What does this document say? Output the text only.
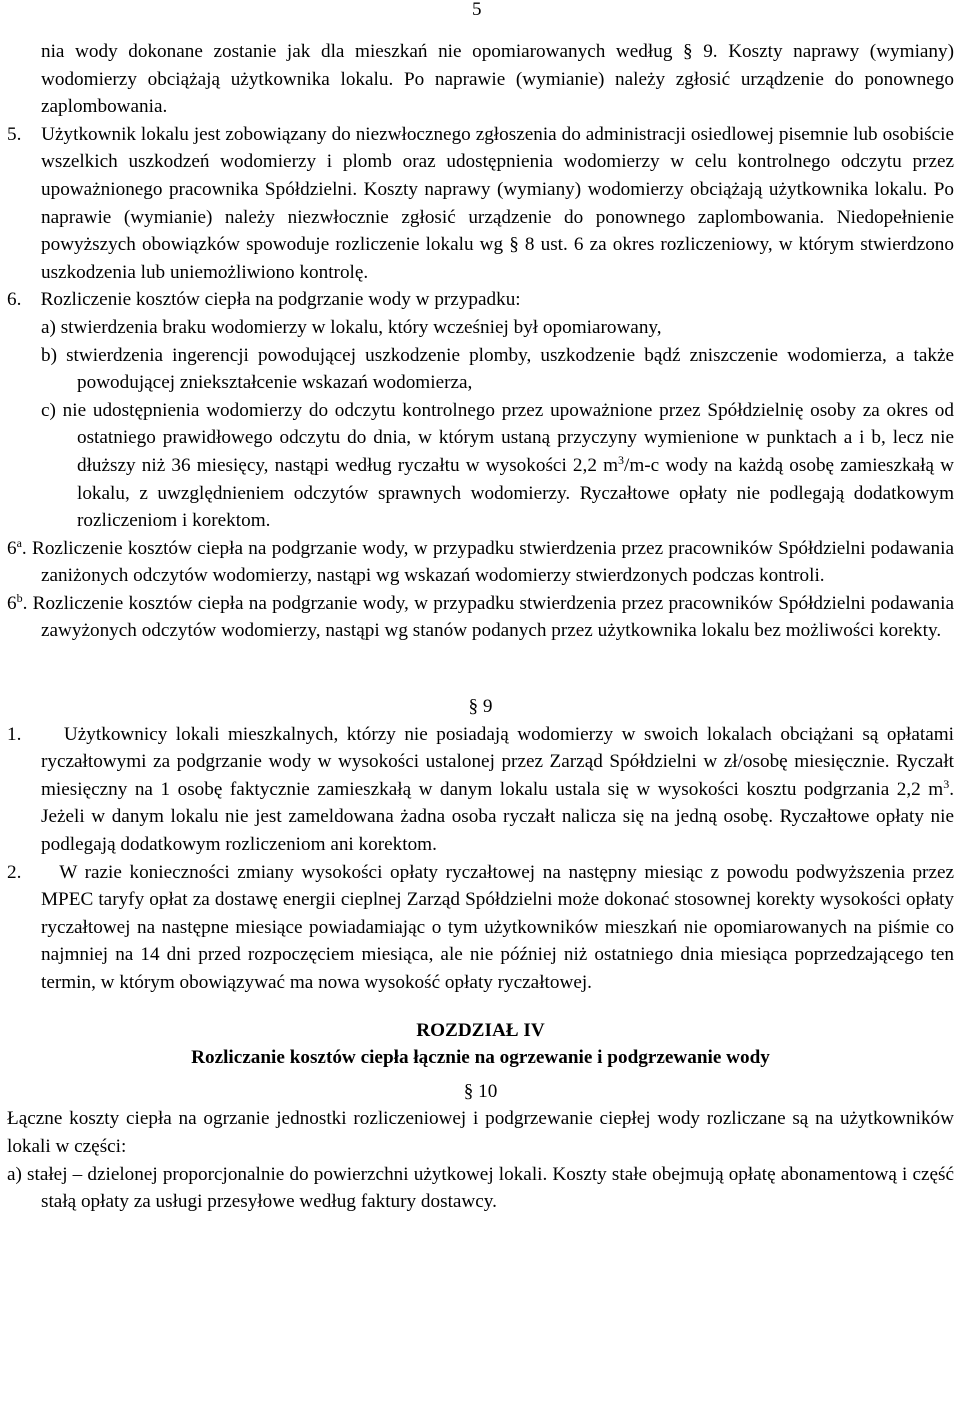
5

nia wody dokonane zostanie jak dla mieszkań nie opomiarowanych według § 9. Koszty naprawy (wymiany) wodomierzy obciążają użytkownika lokalu. Po naprawie (wymianie) należy zgłosić urządzenie do ponownego zaplombowania.

5. Użytkownik lokalu jest zobowiązany do niezwłocznego zgłoszenia do administracji osiedlowej pisemnie lub osobiście wszelkich uszkodzeń wodomierzy i plomb oraz udostępnienia wodomierzy w celu kontrolnego odczytu przez upoważnionego pracownika Spółdzielni. Koszty naprawy (wymiany) wodomierzy obciążają użytkownika lokalu. Po naprawie (wymianie) należy niezwłocznie zgłosić urządzenie do ponownego zaplombowania. Niedopełnienie powyższych obowiązków spowoduje rozliczenie lokalu wg § 8 ust. 6 za okres rozliczeniowy, w którym stwierdzono uszkodzenia lub uniemożliwiono kontrolę.

6. Rozliczenie kosztów ciepła na podgrzanie wody w przypadku:

a) stwierdzenia braku wodomierzy w lokalu, który wcześniej był opomiarowany,

b) stwierdzenia ingerencji powodującej uszkodzenie plomby, uszkodzenie bądź zniszczenie wodomierza, a także powodującej zniekształcenie wskazań wodomierza,

c) nie udostępnienia wodomierzy do odczytu kontrolnego przez upoważnione przez Spółdzielnię osoby za okres od ostatniego prawidłowego odczytu do dnia, w którym ustaną przyczyny wymienione w punktach a i b, lecz nie dłuższy niż 36 miesięcy, nastąpi według ryczałtu w wysokości 2,2 $m^3/m-c$ wody na każdą osobę zamieszkałą w lokalu, z uwzględnieniem odczytów sprawnych wodomierzy. Ryczałtowe opłaty nie podlegają dodatkowym rozliczeniom i korektom.

6$^a$. Rozliczenie kosztów ciepła na podgrzanie wody, w przypadku stwierdzenia przez pracowników Spółdzielni podawania zaniżonych odczytów wodomierzy, nastąpi wg wskazań wodomierzy stwierdzonych podczas kontroli.

6$^b$. Rozliczenie kosztów ciepła na podgrzanie wody, w przypadku stwierdzenia przez pracowników Spółdzielni podawania zawyżonych odczytów wodomierzy, nastąpi wg stanów podanych przez użytkownika lokalu bez możliwości korekty.

§ 9

1. Użytkownicy lokali mieszkalnych, którzy nie posiadają wodomierzy w swoich lokalach obciążani są opłatami ryczałtowymi za podgrzanie wody w wysokości ustalonej przez Zarząd Spółdzielni w zł/osobę miesięcznie. Ryczałt miesięczny na 1 osobę faktycznie zamieszkałą w danym lokalu ustala się w wysokości kosztu podgrzania 2,2 $m^3$. Jeżeli w danym lokalu nie jest zameldowana żadna osoba ryczałt nalicza się na jedną osobę. Ryczałtowe opłaty nie podlegają dodatkowym rozliczeniom ani korektom.

2. W razie konieczności zmiany wysokości opłaty ryczałtowej na następny miesiąc z powodu podwyższenia przez MPEC taryfy opłat za dostawę energii cieplnej Zarząd Spółdzielni może dokonać stosownej korekty wysokości opłaty ryczałtowej na następne miesiące powiadamiając o tym użytkowników mieszkań nie opomiarowanych na piśmie co najmniej na 14 dni przed rozpoczęciem miesiąca, ale nie później niż ostatniego dnia miesiąca poprzedzającego ten termin, w którym obowiązywać ma nowa wysokość opłaty ryczałtowej.

ROZDZIAŁ IV

Rozliczanie kosztów ciepła łącznie na ogrzewanie i podgrzewanie wody

§ 10

Łączne koszty ciepła na ogrzanie jednostki rozliczeniowej i podgrzewanie ciepłej wody rozliczane są na użytkowników lokali w części:

a) stałej – dzielonej proporcjonalnie do powierzchni użytkowej lokali. Koszty stałe obejmują opłatę abonamentową i część stałą opłaty za usługi przesyłowe według faktury dostawcy.
